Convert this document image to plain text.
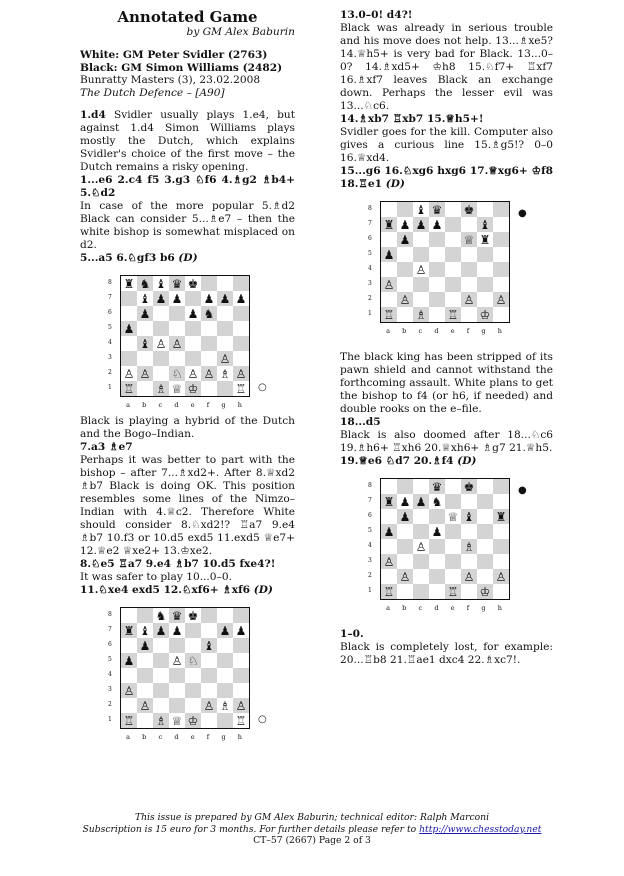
Annotated Game
by GM Alex Baburin
White: GM Peter Svidler (2763)
Black: GM Simon Williams (2482)
Bunratty Masters (3), 23.02.2008
The Dutch Defence – [A90]

1.d4 Svidler usually plays 1.e4, but against 1.d4 Simon Williams plays mostly the Dutch, which explains Svidler's choice of the first move – the Dutch remains a risky opening.

1...e6 2.c4 f5 3.g3 ♘f6 4.♗g2 ♗b4+ 5.♘d2

In case of the more popular 5.♗d2 Black can consider 5...♗e7 – then the white bishop is somewhat misplaced on d2.

5...a5 6.♘gf3 b6 (D)

8
7
6
5
4
3
2
1
♜ ♞ ♝ ♛ ♚
♝ ♟ ♟ ♟ ♟ ♟
♟	♟ ♞
♟
♝ ♙ ♙
♙
♙ ♙ ♘ ♙ ♙ ♗ ♙
♖ ♗ ♕ ♔	♖
a b c d e f g h
○

Black is playing a hybrid of the Dutch and the Bogo–Indian.

7.a3 ♗e7

Perhaps it was better to part with the bishop – after 7...♗xd2+. After 8.♕xd2 ♗b7 Black is doing OK. This position resembles some lines of the Nimzo–Indian with 4.♕c2. Therefore White should consider 8.♘xd2!? ♖a7 9.e4 ♗b7 10.f3 or 10.d5 exd5 11.exd5 ♕e7+ 12.♕e2 ♕xe2+ 13.♔xe2.

8.♘e5 ♖a7 9.e4 ♗b7 10.d5 fxe4?!

It was safer to play 10...0–0.

11.♘xe4 exd5 12.♘xf6+ ♗xf6 (D)

8
7
6
5
4
3
2
1
♞ ♛ ♚
♜ ♝ ♟ ♟	♟ ♟
♟	♝
♟	♙ ♘
♙
♙	♙ ♗ ♙
♖ ♗ ♕ ♔	♖
a b c d e f g h
○

13.0–0! d4?!

Black was already in serious trouble and his move does not help. 13...♗xe5? 14.♕h5+ is very bad for Black. 13...0–0? 14.♗xd5+ ♔h8 15.♘f7+ ♖xf7 16.♗xf7 leaves Black an exchange down. Perhaps the lesser evil was 13...♘c6.

14.♗xb7 ♖xb7 15.♕h5+!

Svidler goes for the kill. Computer also gives a curious line 15.♗g5!? 0–0 16.♕xd4.

15...g6 16.♘xg6 hxg6 17.♕xg6+ ♔f8 18.♖e1 (D)

8
7
6
5
4
3
2
1
♝ ♛ ♚
♜ ♟ ♟ ♟	♝
♟	♕ ♜
♟
♙
♙
♙	♙ ♙
♖ ♗ ♖ ♔
a b c d e f g h
●

The black king has been stripped of its pawn shield and cannot withstand the forthcoming assault. White plans to get the bishop to f4 (or h6, if needed) and double rooks on the e–file.

18...d5

Black is also doomed after 18...♘c6 19.♗h6+ ♖xh6 20.♕xh6+ ♗g7 21.♕h5.

19.♕e6 ♘d7 20.♗f4 (D)

8
7
6
5
4
3
2
1
♛ ♚
♜ ♟ ♟ ♞
♟	♕ ♝ ♜
♟	♟
♙	♗
♙
♙	♙ ♙
♖	♖ ♔
a b c d e f g h
●

1–0.

Black is completely lost, for example: 20...♖b8 21.♖ae1 dxc4 22.♗xc7!.

This issue is prepared by GM Alex Baburin; technical editor: Ralph Marconi
Subscription is 15 euro for 3 months. For further details please refer to http://www.chesstoday.net
CT–57 (2667) Page 2 of 3
